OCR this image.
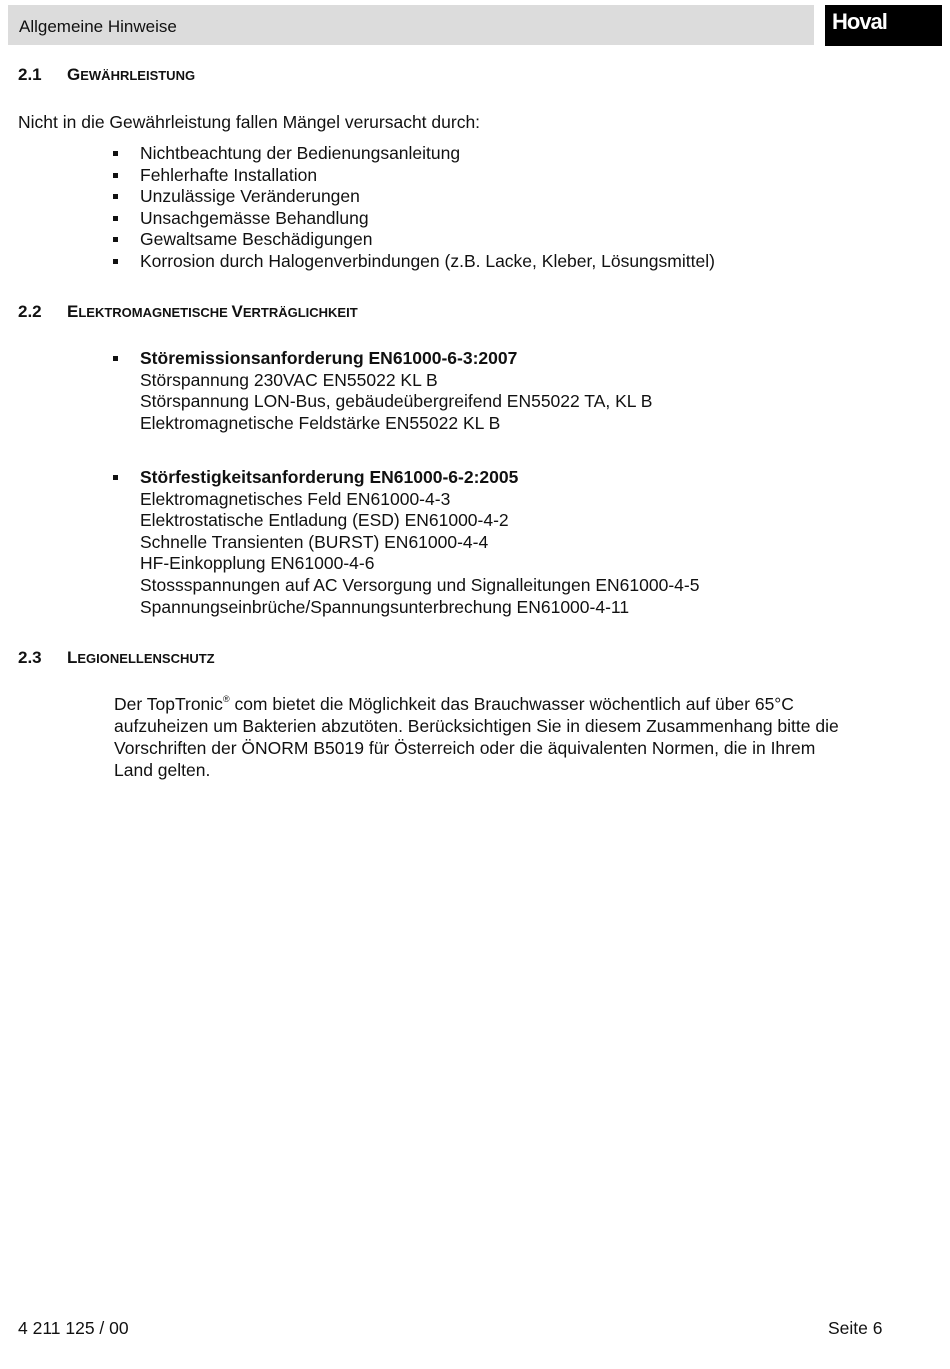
Allgemeine Hinweise	Hoval
2.1 GEWÄHRLEISTUNG
Nicht in die Gewährleistung fallen Mängel verursacht durch:
Nichtbeachtung der Bedienungsanleitung
Fehlerhafte Installation
Unzulässige Veränderungen
Unsachgemässe Behandlung
Gewaltsame Beschädigungen
Korrosion durch Halogenverbindungen (z.B. Lacke, Kleber, Lösungsmittel)
2.2 ELEKTROMAGNETISCHE VERTRÄGLICHKEIT
Störemissionsanforderung EN61000-6-3:2007
Störspannung 230VAC EN55022 KL B
Störspannung LON-Bus, gebäudeübergreifend EN55022 TA, KL B
Elektromagnetische Feldstärke EN55022 KL B
Störfestigkeitsanforderung EN61000-6-2:2005
Elektromagnetisches Feld EN61000-4-3
Elektrostatische Entladung (ESD) EN61000-4-2
Schnelle Transienten (BURST) EN61000-4-4
HF-Einkopplung EN61000-4-6
Stossspannungen auf AC Versorgung und Signalleitungen EN61000-4-5
Spannungseinbrüche/Spannungsunterbrechung EN61000-4-11
2.3 LEGIONELLENSCHUTZ

Der TopTronic® com bietet die Möglichkeit das Brauchwasser wöchentlich auf über 65°C

aufzuheizen um Bakterien abzutöten. Berücksichtigen Sie in diesem Zusammenhang bitte die

Vorschriften der ÖNORM B5019 für Österreich oder die äquivalenten Normen, die in Ihrem

Land gelten.

4 211 125 / 00	Seite 6
